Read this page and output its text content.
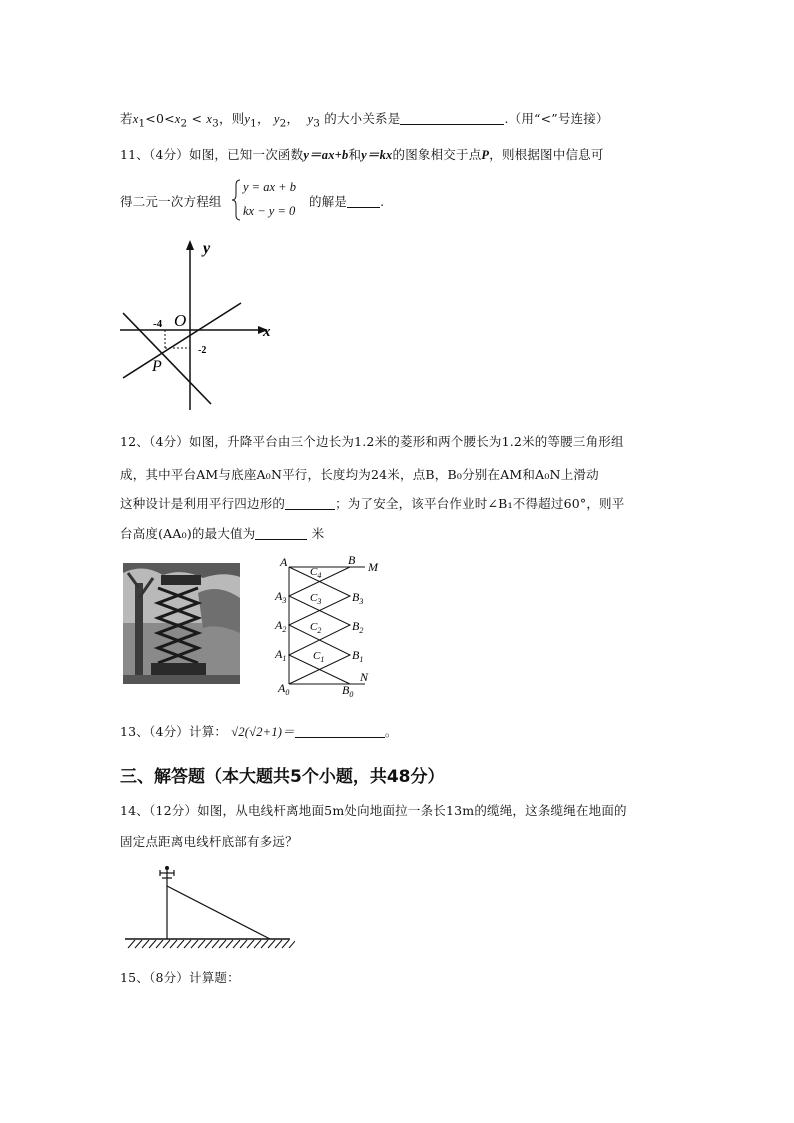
若$x_1<0<x_2 < x_3$，则$y_1$， $y_2$， $y_3$ 的大小关系是	.（用“<”号连接）
11、（4分）如图，已知一次函数y＝ax+b和y＝kx的图象相交于点P，则根据图中信息可
得二元一次方程组
y = ax + b
kx − y = 0
的解是	.
y
x
O
-4
-2
P
12、（4分）如图，升降平台由三个边长为1.2米的菱形和两个腰长为1.2米的等腰三角形组
成，其中平台AM与底座A₀N平行，长度均为24米，点B，B₀分别在AM和A₀N上滑动
这种设计是利用平行四边形的	；为了安全，该平台作业时∠B₁不得超过60°，则平
台高度(AA₀)的最大值为	米
A	B M
$C_4$
$A_3$ $C_3$	$B_3$
$A_2$ $C_2$	$B_2$
$A_1$ $C_1$ $B_1$
$A_0$	$B_0$
N
13、（4分）计算： √2(√2+1)＝	。
三、解答题（本大题共5个小题，共48分）
14、（12分）如图，从电线杆离地面5m处向地面拉一条长13m的缆绳，这条缆绳在地面的
固定点距离电线杆底部有多远？
15、（8分）计算题：
